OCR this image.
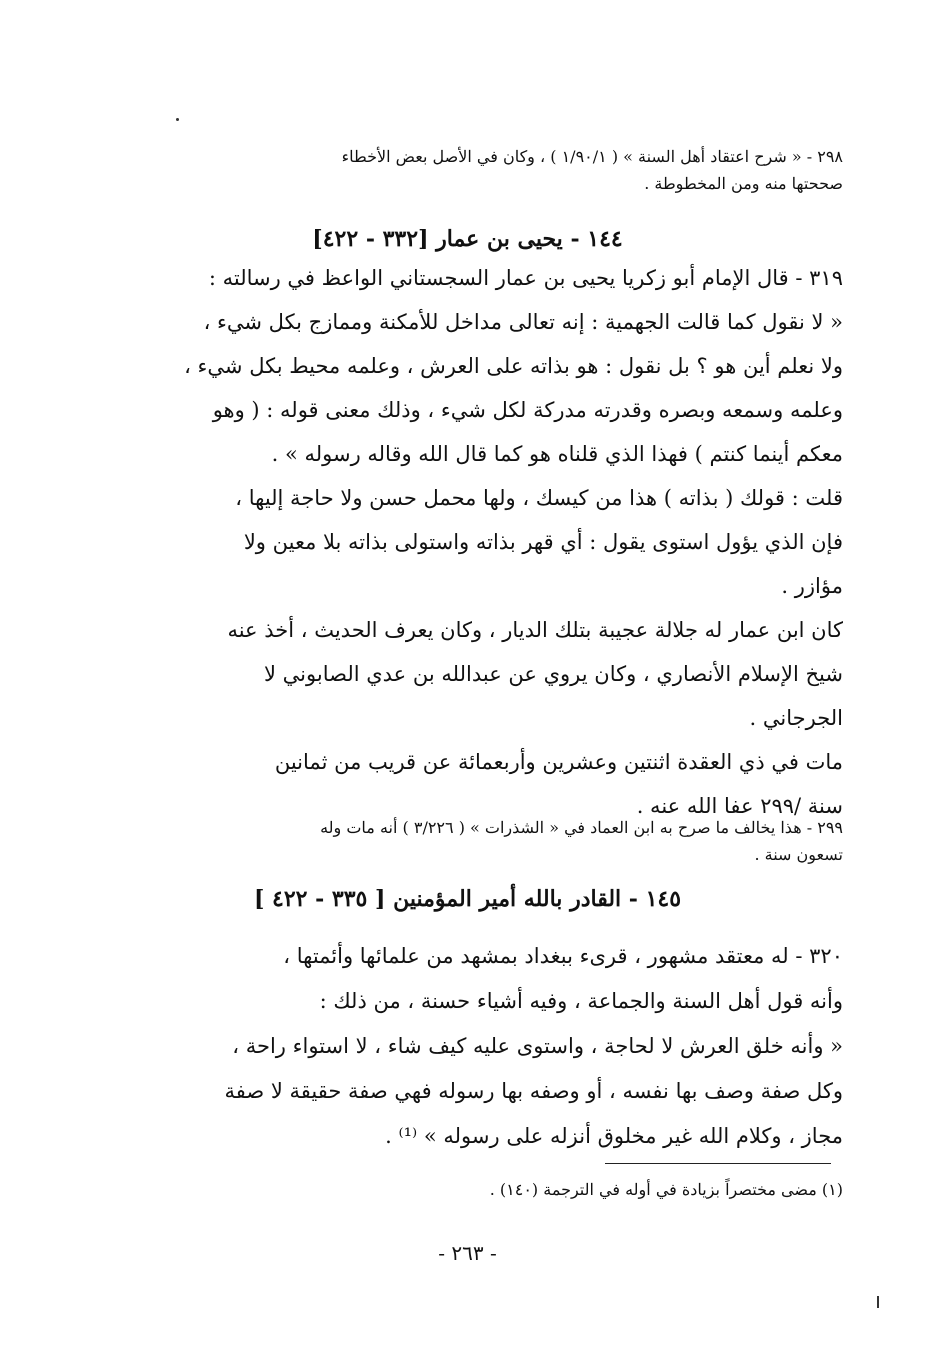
٢٩٨ - « شرح اعتقاد أهل السنة » ( ١/٩٠/١ ) ، وكان في الأصل بعض الأخطاء
صححتها منه ومن المخطوطة .
١٤٤ - يحيى بن عمار [٣٣٢ - ٤٢٢]
٣١٩ - قال الإمام أبو زكريا يحيى بن عمار السجستاني الواعظ في رسالته :
« لا نقول كما قالت الجهمية : إنه تعالى مداخل للأمكنة وممازج بكل شيء ،
ولا نعلم أين هو ؟ بل نقول : هو بذاته على العرش ، وعلمه محيط بكل شيء ،
وعلمه وسمعه وبصره وقدرته مدركة لكل شيء ، وذلك معنى قوله : ( وهو
معكم أينما كنتم ) فهذا الذي قلناه هو كما قال الله وقاله رسوله » .
قلت : قولك ( بذاته ) هذا من كيسك ، ولها محمل حسن ولا حاجة إليها ،
فإن الذي يؤول استوى يقول : أي قهر بذاته واستولى بذاته بلا معين ولا
مؤازر .
كان ابن عمار له جلالة عجيبة بتلك الديار ، وكان يعرف الحديث ، أخذ عنه
شيخ الإسلام الأنصاري ، وكان يروي عن عبدالله بن عدي الصابوني لا
الجرجاني .
مات في ذي العقدة اثنتين وعشرين وأربعمائة عن قريب من ثمانين
سنة /٢٩٩ عفا الله عنه .
٢٩٩ - هذا يخالف ما صرح به ابن العماد في « الشذرات » ( ٣/٢٢٦ ) أنه مات وله
تسعون سنة .
١٤٥ - القادر بالله أمير المؤمنين [ ٣٣٥ - ٤٢٢ ]
٣٢٠ - له معتقد مشهور ، قرىء ببغداد بمشهد من علمائها وأئمتها ،
وأنه قول أهل السنة والجماعة ، وفيه أشياء حسنة ، من ذلك :
« وأنه خلق العرش لا لحاجة ، واستوى عليه كيف شاء ، لا استواء راحة ،
وكل صفة وصف بها نفسه ، أو وصفه بها رسوله فهي صفة حقيقة لا صفة
مجاز ، وكلام الله غير مخلوق أنزله على رسوله » ⁽¹⁾ .
(١) مضى مختصراً بزيادة في أوله في الترجمة (١٤٠) .
- ٢٦٣ -
